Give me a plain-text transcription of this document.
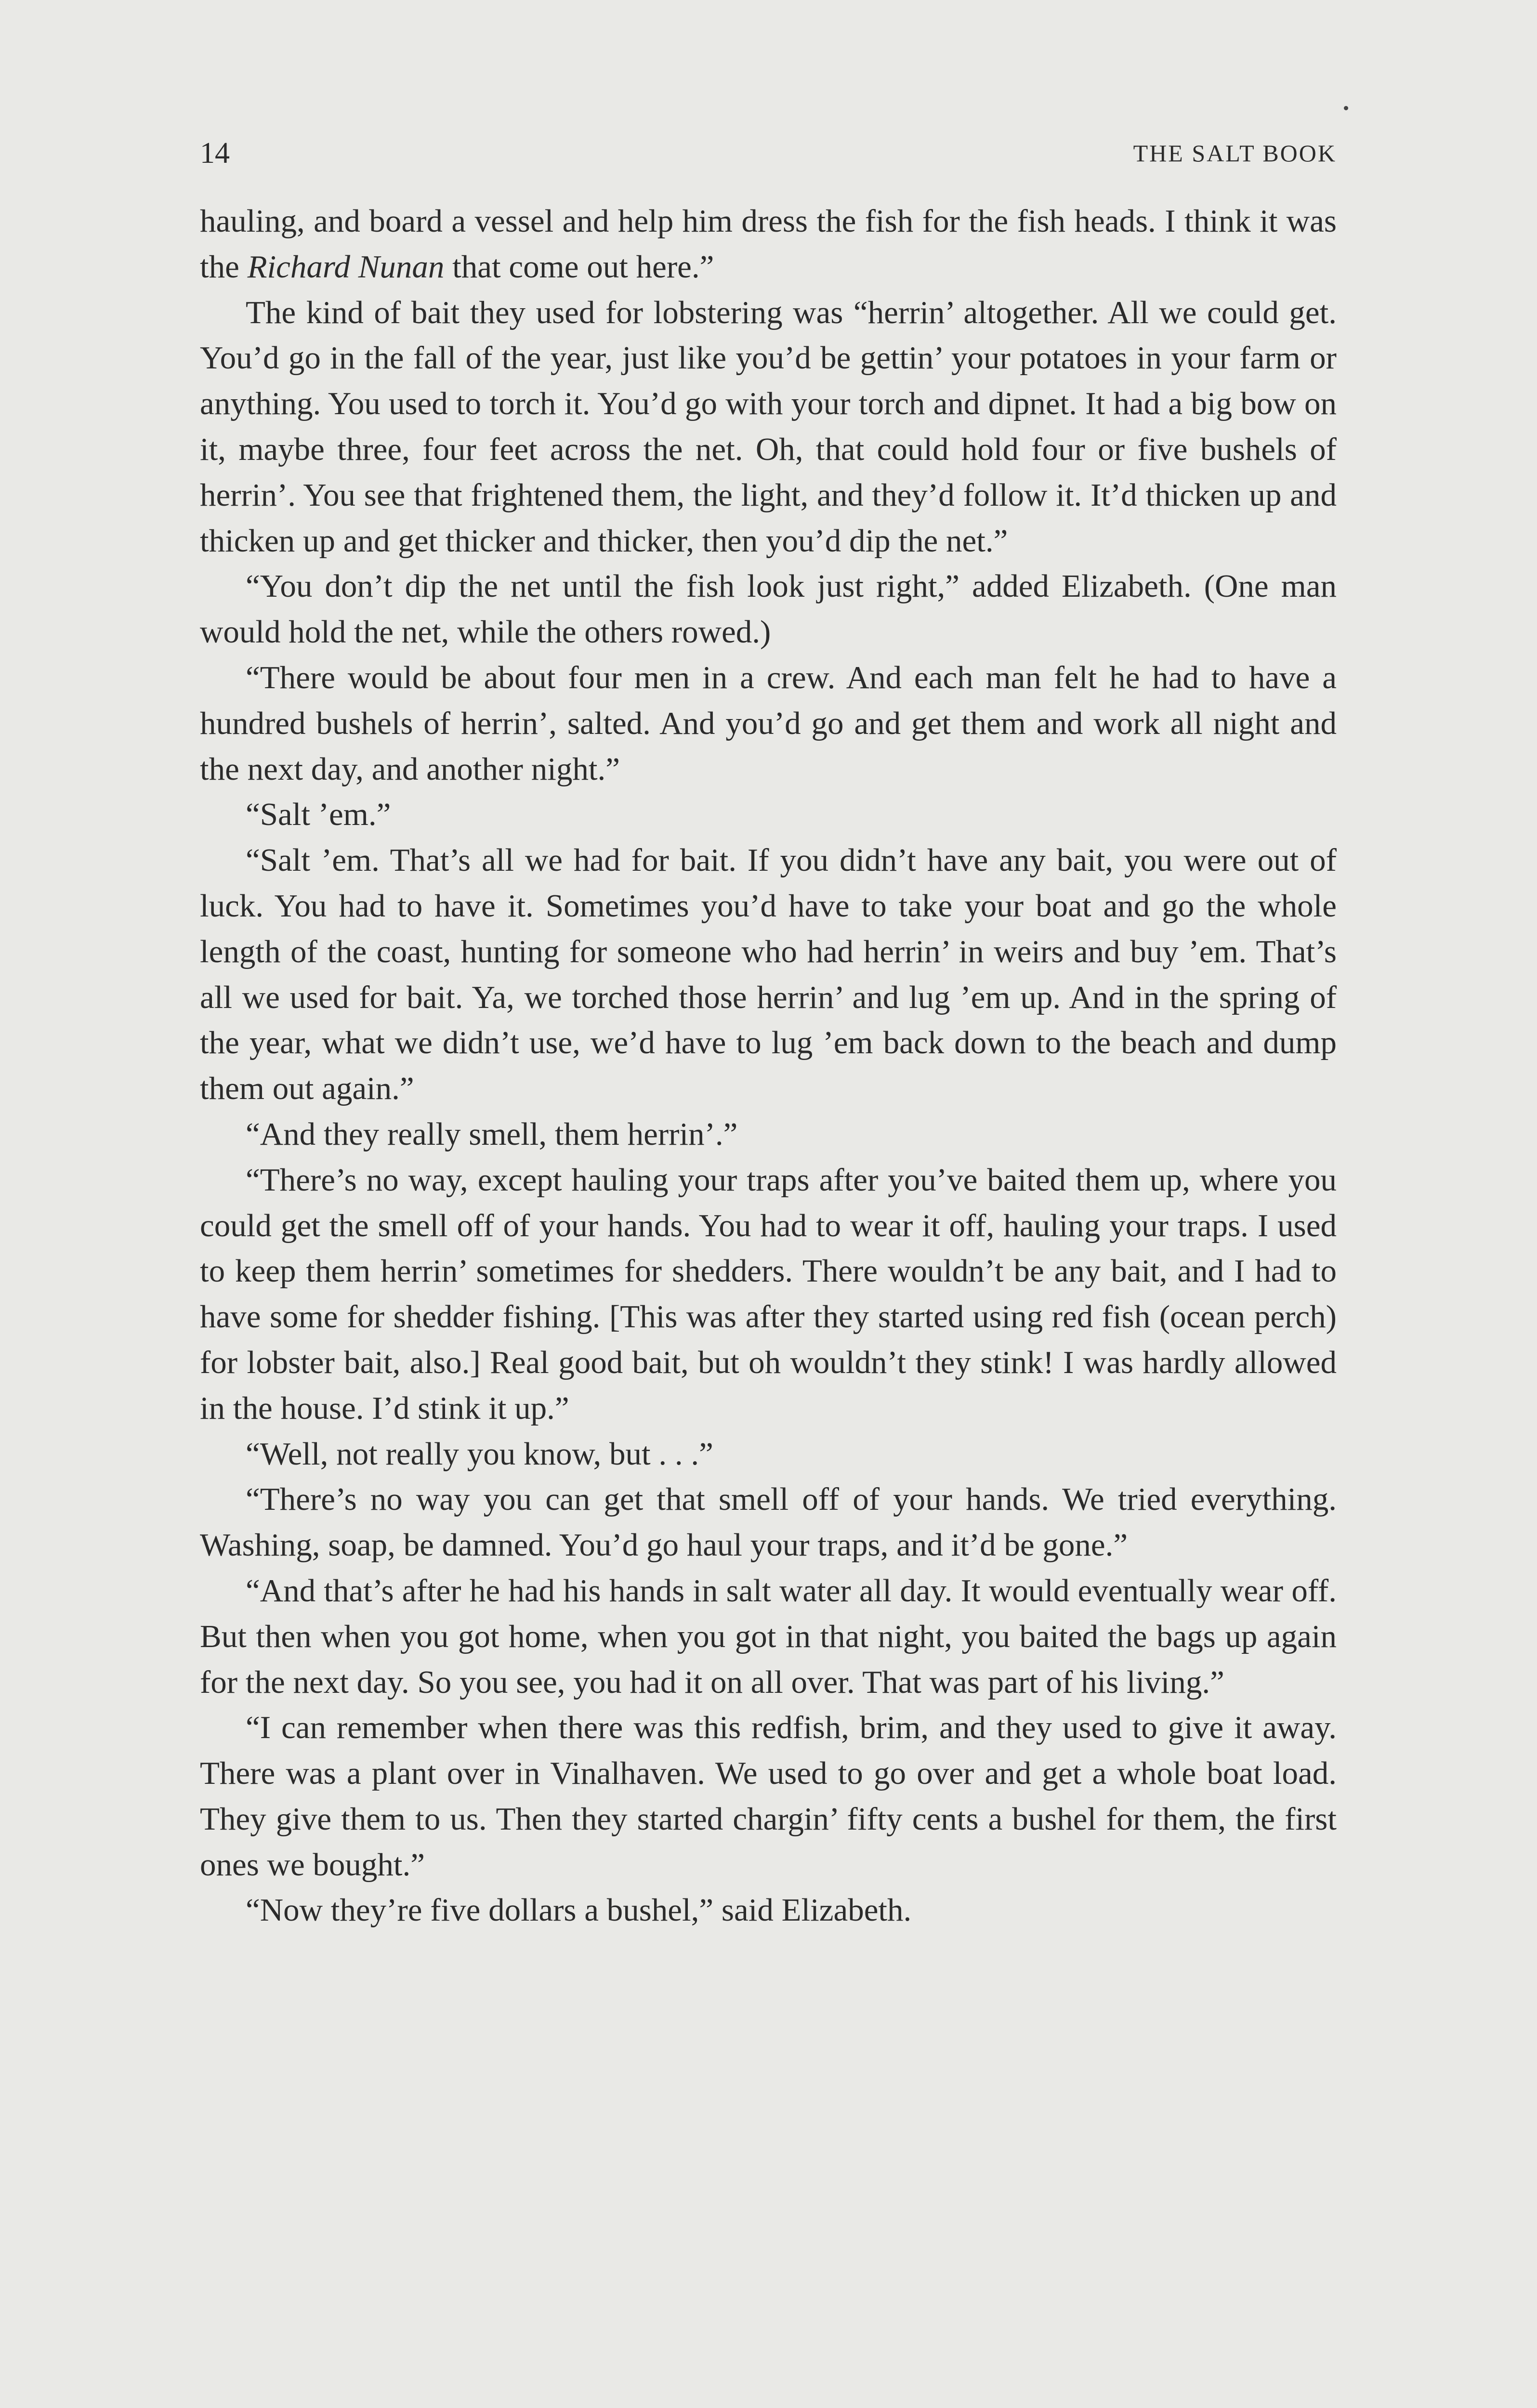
14	THE SALT BOOK

hauling, and board a vessel and help him dress the fish for the fish heads. I think it was the Richard Nunan that come out here.”

The kind of bait they used for lobstering was “herrin’ altogether. All we could get. You’d go in the fall of the year, just like you’d be gettin’ your potatoes in your farm or anything. You used to torch it. You’d go with your torch and dipnet. It had a big bow on it, maybe three, four feet across the net. Oh, that could hold four or five bushels of herrin’. You see that frightened them, the light, and they’d follow it. It’d thicken up and thicken up and get thicker and thicker, then you’d dip the net.”

“You don’t dip the net until the fish look just right,” added Elizabeth. (One man would hold the net, while the others rowed.)

“There would be about four men in a crew. And each man felt he had to have a hundred bushels of herrin’, salted. And you’d go and get them and work all night and the next day, and another night.”

“Salt ’em.”

“Salt ’em. That’s all we had for bait. If you didn’t have any bait, you were out of luck. You had to have it. Sometimes you’d have to take your boat and go the whole length of the coast, hunting for someone who had herrin’ in weirs and buy ’em. That’s all we used for bait. Ya, we torched those herrin’ and lug ’em up. And in the spring of the year, what we didn’t use, we’d have to lug ’em back down to the beach and dump them out again.”

“And they really smell, them herrin’.”

“There’s no way, except hauling your traps after you’ve baited them up, where you could get the smell off of your hands. You had to wear it off, hauling your traps. I used to keep them herrin’ sometimes for shedders. There wouldn’t be any bait, and I had to have some for shedder fishing. [This was after they started using red fish (ocean perch) for lobster bait, also.] Real good bait, but oh wouldn’t they stink! I was hardly allowed in the house. I’d stink it up.”

“Well, not really you know, but . . .”

“There’s no way you can get that smell off of your hands. We tried everything. Washing, soap, be damned. You’d go haul your traps, and it’d be gone.”

“And that’s after he had his hands in salt water all day. It would eventually wear off. But then when you got home, when you got in that night, you baited the bags up again for the next day. So you see, you had it on all over. That was part of his living.”

“I can remember when there was this redfish, brim, and they used to give it away. There was a plant over in Vinalhaven. We used to go over and get a whole boat load. They give them to us. Then they started chargin’ fifty cents a bushel for them, the first ones we bought.”

“Now they’re five dollars a bushel,” said Elizabeth.
